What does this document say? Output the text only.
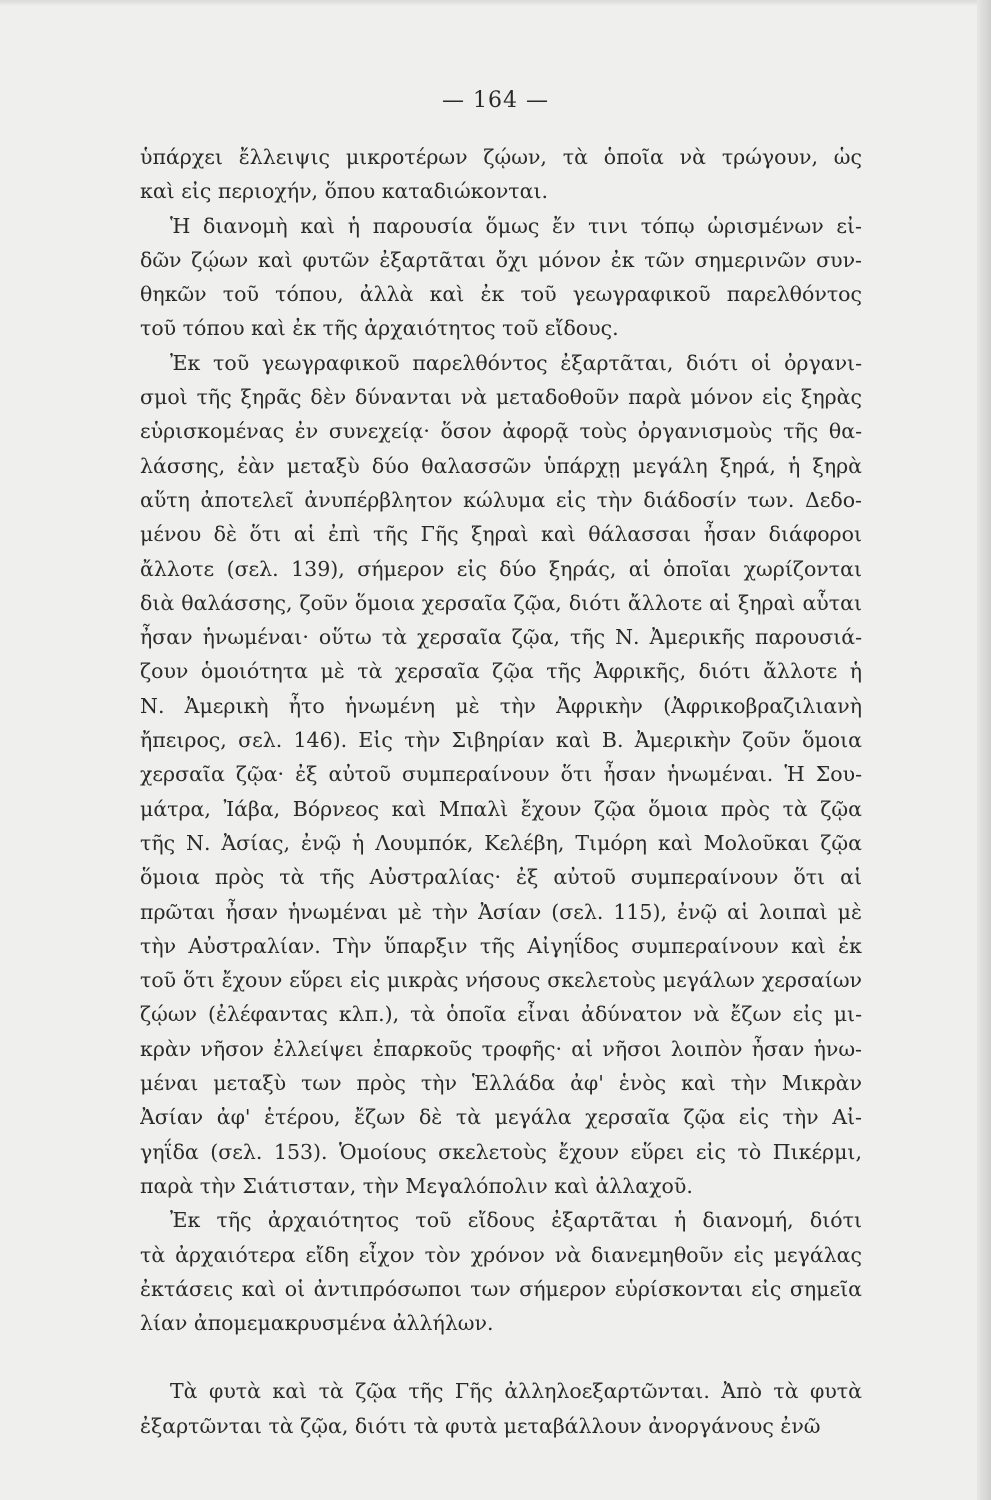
— 164 —

ὑπάρχει ἔλλειψις μικροτέρων ζῴων, τὰ ὁποῖα νὰ τρώγουν, ὡς
καὶ εἰς περιοχήν, ὅπου καταδιώκονται.

Ἡ διανομὴ καὶ ἡ παρουσία ὅμως ἔν τινι τόπῳ ὡρισμένων εἰ-
δῶν ζῴων καὶ φυτῶν ἐξαρτᾶται ὄχι μόνον ἐκ τῶν σημερινῶν συν-
θηκῶν τοῦ τόπου, ἀλλὰ καὶ ἐκ τοῦ γεωγραφικοῦ παρελθόντος
τοῦ τόπου καὶ ἐκ τῆς ἀρχαιότητος τοῦ εἴδους.

Ἐκ τοῦ γεωγραφικοῦ παρελθόντος ἐξαρτᾶται, διότι οἱ ὀργανι-
σμοὶ τῆς ξηρᾶς δὲν δύνανται νὰ μεταδοθοῦν παρὰ μόνον εἰς ξηρὰς
εὑρισκομένας ἐν συνεχείᾳ· ὅσον ἀφορᾷ τοὺς ὀργανισμοὺς τῆς θα-
λάσσης, ἐὰν μεταξὺ δύο θαλασσῶν ὑπάρχῃ μεγάλη ξηρά, ἡ ξηρὰ
αὕτη ἀποτελεῖ ἀνυπέρβλητον κώλυμα εἰς τὴν διάδοσίν των. Δεδο-
μένου δὲ ὅτι αἱ ἐπὶ τῆς Γῆς ξηραὶ καὶ θάλασσαι ἦσαν διάφοροι
ἄλλοτε (σελ. 139), σήμερον εἰς δύο ξηράς, αἱ ὁποῖαι χωρίζονται
διὰ θαλάσσης, ζοῦν ὅμοια χερσαῖα ζῷα, διότι ἄλλοτε αἱ ξηραὶ αὗται
ἦσαν ἡνωμέναι· οὕτω τὰ χερσαῖα ζῷα, τῆς Ν. Ἀμερικῆς παρουσιά-
ζουν ὁμοιότητα μὲ τὰ χερσαῖα ζῷα τῆς Ἀφρικῆς, διότι ἄλλοτε ἡ
Ν. Ἀμερικὴ ἦτο ἡνωμένη μὲ τὴν Ἀφρικὴν (Ἀφρικοβραζιλιανὴ
ἤπειρος, σελ. 146). Εἰς τὴν Σιβηρίαν καὶ Β. Ἀμερικὴν ζοῦν ὅμοια
χερσαῖα ζῷα· ἐξ αὐτοῦ συμπεραίνουν ὅτι ἦσαν ἡνωμέναι. Ἡ Σου-
μάτρα, Ἰάβα, Βόρνεος καὶ Μπαλὶ ἔχουν ζῷα ὅμοια πρὸς τὰ ζῷα
τῆς Ν. Ἀσίας, ἐνῷ ἡ Λουμπόκ, Κελέβη, Τιμόρη καὶ Μολοῦκαι ζῷα
ὅμοια πρὸς τὰ τῆς Αὐστραλίας· ἐξ αὐτοῦ συμπεραίνουν ὅτι αἱ
πρῶται ἦσαν ἡνωμέναι μὲ τὴν Ἀσίαν (σελ. 115), ἐνῷ αἱ λοιπαὶ μὲ
τὴν Αὐστραλίαν. Τὴν ὕπαρξιν τῆς Αἰγηΐδος συμπεραίνουν καὶ ἐκ
τοῦ ὅτι ἔχουν εὕρει εἰς μικρὰς νήσους σκελετοὺς μεγάλων χερσαίων
ζῴων (ἐλέφαντας κλπ.), τὰ ὁποῖα εἶναι ἀδύνατον νὰ ἔζων εἰς μι-
κρὰν νῆσον ἐλλείψει ἐπαρκοῦς τροφῆς· αἱ νῆσοι λοιπὸν ἦσαν ἡνω-
μέναι μεταξὺ των πρὸς τὴν Ἑλλάδα ἀφ' ἑνὸς καὶ τὴν Μικρὰν
Ἀσίαν ἀφ' ἑτέρου, ἔζων δὲ τὰ μεγάλα χερσαῖα ζῷα εἰς τὴν Αἰ-
γηΐδα (σελ. 153). Ὁμοίους σκελετοὺς ἔχουν εὕρει εἰς τὸ Πικέρμι,
παρὰ τὴν Σιάτισταν, τὴν Μεγαλόπολιν καὶ ἀλλαχοῦ.

Ἐκ τῆς ἀρχαιότητος τοῦ εἴδους ἐξαρτᾶται ἡ διανομή, διότι
τὰ ἀρχαιότερα εἴδη εἶχον τὸν χρόνον νὰ διανεμηθοῦν εἰς μεγάλας
ἐκτάσεις καὶ οἱ ἀντιπρόσωποι των σήμερον εὑρίσκονται εἰς σημεῖα
λίαν ἀπομεμακρυσμένα ἀλλήλων.

Τὰ φυτὰ καὶ τὰ ζῷα τῆς Γῆς ἀλληλοεξαρτῶνται. Ἀπὸ τὰ φυτὰ
ἐξαρτῶνται τὰ ζῷα, διότι τὰ φυτὰ μεταβάλλουν ἀνοργάνους ἐνῶ
